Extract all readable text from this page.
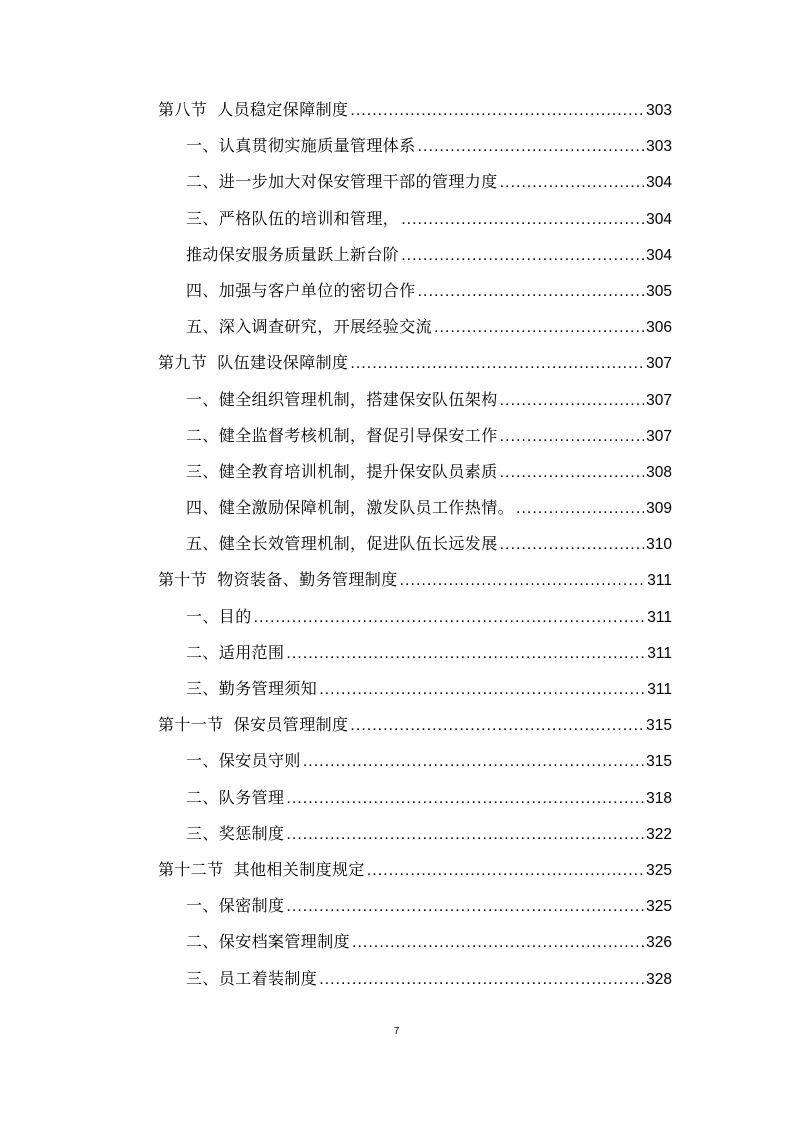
第八节 人员稳定保障制度 .....	303
一、认真贯彻实施质量管理体系 .....	303
二、进一步加大对保安管理干部的管理力度 .....	304
三、严格队伍的培训和管理， .....	304
推动保安服务质量跃上新台阶 .....	304
四、加强与客户单位的密切合作 .....	305
五、深入调查研究，开展经验交流 .....	306
第九节 队伍建设保障制度 .....	307
一、健全组织管理机制，搭建保安队伍架构 .....	307
二、健全监督考核机制，督促引导保安工作 .....	307
三、健全教育培训机制，提升保安队员素质 .....	308
四、健全激励保障机制，激发队员工作热情。 .....	309
五、健全长效管理机制，促进队伍长远发展 .....	310
第十节 物资装备、勤务管理制度 .....	311
一、目的 .....	311
二、适用范围 .....	311
三、勤务管理须知 .....	311
第十一节 保安员管理制度 .....	315
一、保安员守则 .....	315
二、队务管理 .....	318
三、奖惩制度 .....	322
第十二节 其他相关制度规定 .....	325
一、保密制度 .....	325
二、保安档案管理制度 .....	326
三、员工着装制度 .....	328
7
